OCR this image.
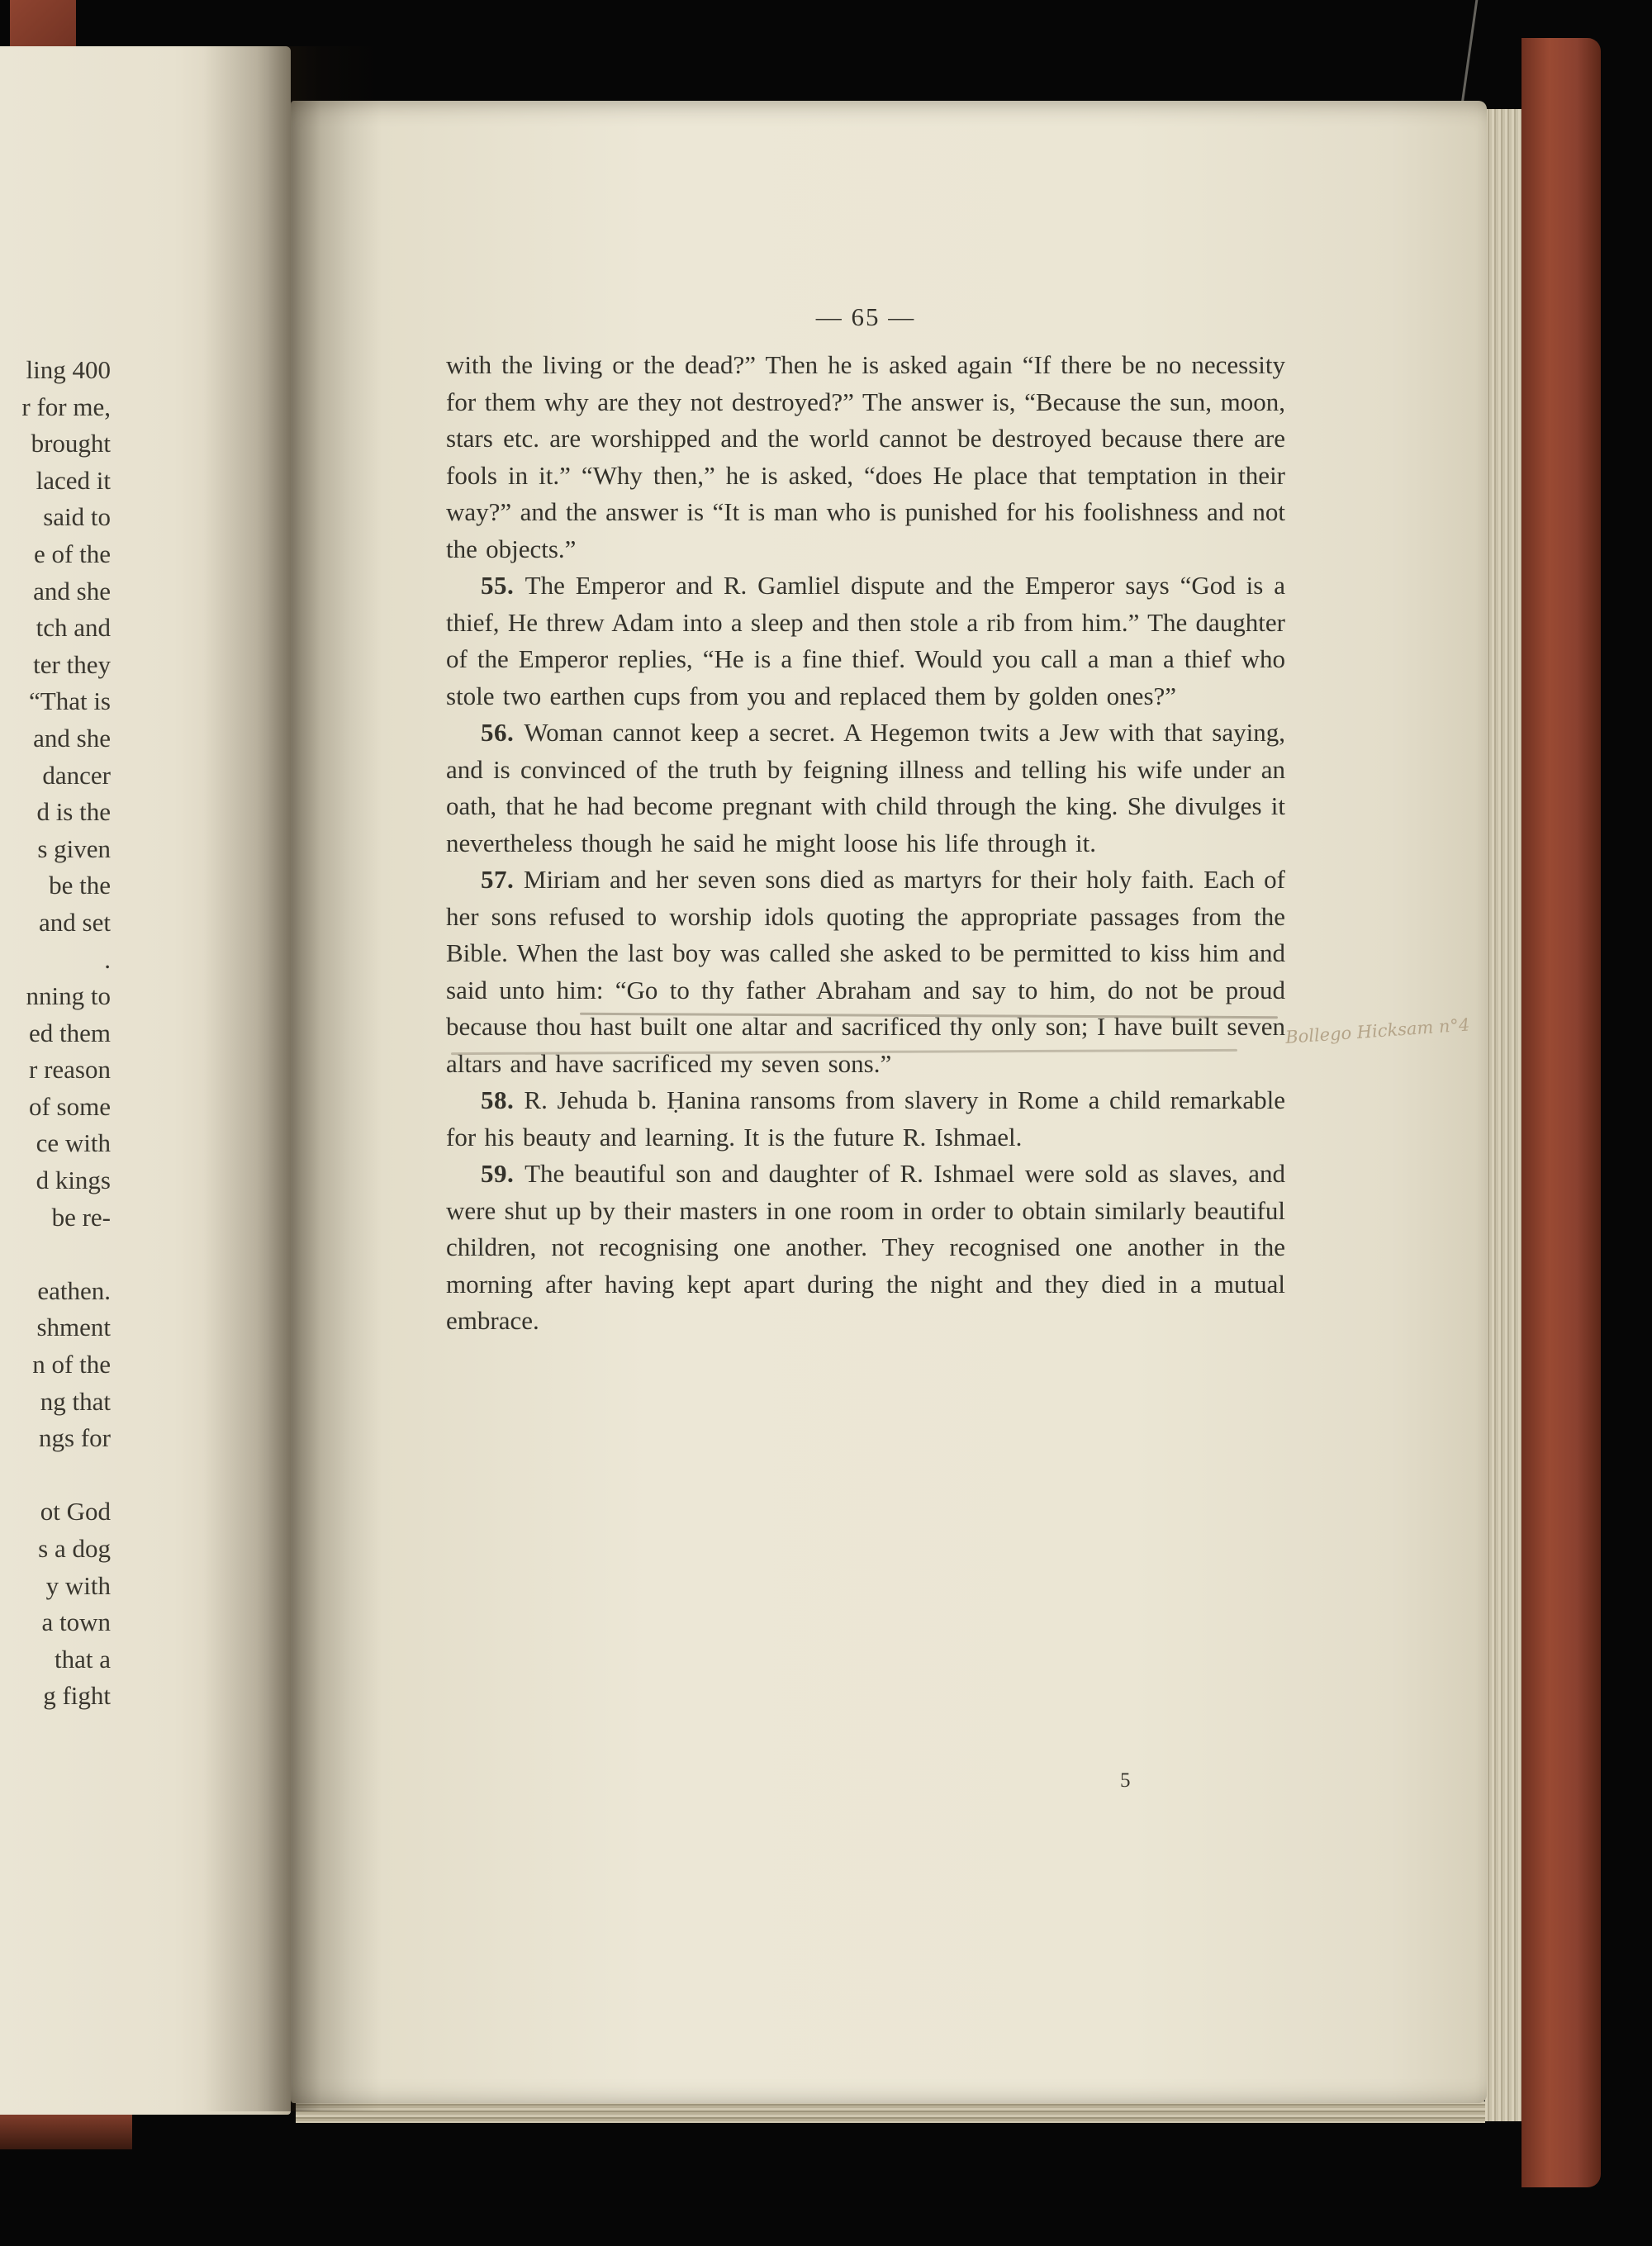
ling 400
r for me,
brought
laced it
said to
e of the
and she
tch and
ter they
“That is
and she
dancer
d is the
s given
be the
and set
.
nning to
ed them
r reason
of some
ce with
d kings
be re-

eathen.
shment
n of the
ng that
ngs for

ot God
s a dog
y with
a town
that a
g fight
— 65 —

with the living or the dead?” Then he is asked again “If there be no necessity for them why are they not destroyed?” The answer is, “Because the sun, moon, stars etc. are worshipped and the world cannot be destroyed because there are fools in it.” “Why then,” he is asked, “does He place that temptation in their way?” and the answer is “It is man who is punished for his foolishness and not the objects.”

55. The Emperor and R. Gamliel dispute and the Emperor says “God is a thief, He threw Adam into a sleep and then stole a rib from him.” The daughter of the Emperor replies, “He is a fine thief. Would you call a man a thief who stole two earthen cups from you and replaced them by golden ones?”

56. Woman cannot keep a secret. A Hegemon twits a Jew with that saying, and is convinced of the truth by feigning illness and telling his wife under an oath, that he had become pregnant with child through the king. She divulges it nevertheless though he said he might loose his life through it.

57. Miriam and her seven sons died as martyrs for their holy faith. Each of her sons refused to worship idols quoting the appropriate passages from the Bible. When the last boy was called she asked to be permitted to kiss him and said unto him: “Go to thy father Abraham and say to him, do not be proud because thou hast built one altar and sacrificed thy only son; I have built seven altars and have sacrificed my seven sons.”

58. R. Jehuda b. Ḥanina ransoms from slavery in Rome a child remarkable for his beauty and learning. It is the future R. Ishmael.

59. The beautiful son and daughter of R. Ishmael were sold as slaves, and were shut up by their masters in one room in order to obtain similarly beautiful children, not recognising one another. They recognised one another in the morning after having kept apart during the night and they died in a mutual embrace.

Bollego Hicksam n°4
5
